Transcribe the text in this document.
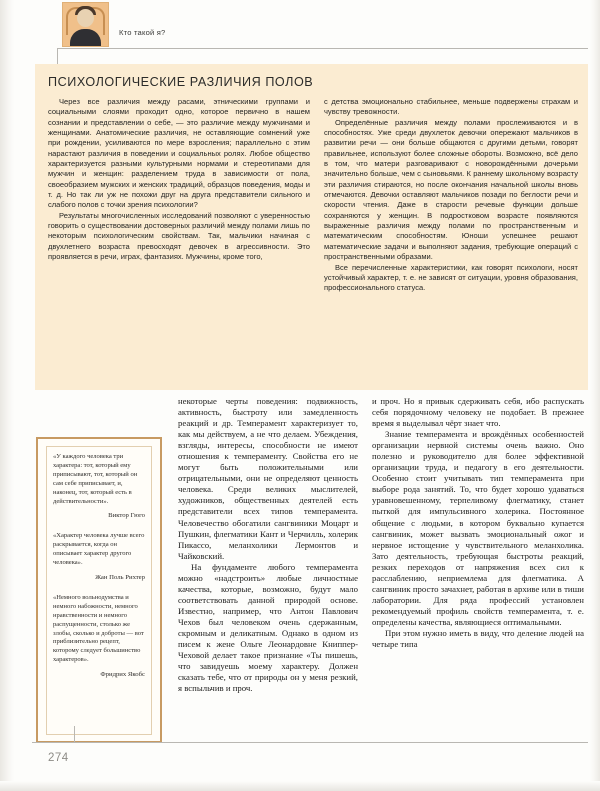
Кто такой я?
ПСИХОЛОГИЧЕСКИЕ РАЗЛИЧИЯ ПОЛОВ

Через все различия между расами, этническими группами и социальными слоями проходит одно, которое первично в нашем сознании и представлении о себе, — это различие между мужчинами и женщинами. Анатомические различия, не оставляющие сомнений уже при рождении, усиливаются по мере взросления; параллельно с этим нарастают различия в поведении и социальных ролях. Любое общество характеризуется разными культурными нормами и стереотипами для мужчин и женщин: разделением труда в зависимости от пола, своеобразием мужских и женских традиций, образцов поведения, моды и т. д. Но так ли уж не похожи друг на друга представители сильного и слабого полов с точки зрения психологии?

Результаты многочисленных исследований позволяют с уверенностью говорить о существовании достоверных различий между полами лишь по некоторым психологическим свойствам. Так, мальчики начиная с двухлетнего возраста превосходят девочек в агрессивности. Это проявляется в речи, играх, фантазиях. Мужчины, кроме того,

с детства эмоционально стабильнее, меньше подвержены страхам и чувству тревожности.

Определённые различия между полами прослеживаются и в способностях. Уже среди двухлеток девочки опережают мальчиков в развитии речи — они больше общаются с другими детьми, говорят правильнее, используют более сложные обороты. Возможно, всё дело в том, что матери разговаривают с новорождёнными дочерьми значительно больше, чем с сыновьями. К раннему школьному возрасту эти различия стираются, но после окончания начальной школы вновь отмечаются. Девочки оставляют мальчиков позади по беглости речи и скорости чтения. Даже в старости речевые функции дольше сохраняются у женщин. В подростковом возрасте появляются выраженные различия между полами по пространственным и математическим способностям. Юноши успешнее решают математические задачи и выполняют задания, требующие операций с пространственными образами.

Все перечисленные характеристики, как говорят психологи, носят устойчивый характер, т. е. не зависят от ситуации, уровня образования, профессионального статуса.

«У каждого человека три характера: тот, который ему приписывают, тот, который он сам себе приписывает, и, наконец, тот, который есть в действительности».

Виктор Гюго

«Характер человека лучше всего раскрывается, когда он описывает характер другого человека».

Жан Поль Рихтер

«Немного вольнодумства и немного набожности, немного нравственности и немного распущенности, столько же злобы, сколько и доброты — вот приблизительно рецепт, которому следует большинство характеров».

Фридрих Якобс

некоторые черты поведения: подвижность, активность, быстроту или замедленность реакций и др. Темперамент характеризует то, как мы действуем, а не что делаем. Убеждения, взгляды, интересы, способности не имеют отношения к темпераменту. Свойства его не могут быть положительными или отрицательными, они не определяют ценность человека. Среди великих мыслителей, художников, общественных деятелей есть представители всех типов темперамента. Человечество обогатили сангвиники Моцарт и Пушкин, флегматики Кант и Черчилль, холерик Пикассо, меланхолики Лермонтов и Чайковский.

На фундаменте любого темперамента можно «надстроить» любые личностные качества, которые, возможно, будут мало соответствовать данной природой основе. Известно, например, что Антон Павлович Чехов был человеком очень сдержанным, скромным и деликатным. Однако в одном из писем к жене Ольге Леонардовне Книппер-Чеховой делает такое признание «Ты пишешь, что завидуешь моему характеру. Должен сказать тебе, что от природы он у меня резкий, я вспыльчив и проч.

и проч. Но я привык сдерживать себя, ибо распускать себя порядочному человеку не подобает. В прежнее время я выделывал чёрт знает что.

Знание темперамента и врождённых особенностей организации нервной системы очень важно. Оно полезно и руководителю для более эффективной организации труда, и педагогу в его деятельности. Особенно стоит учитывать тип темперамента при выборе рода занятий. То, что будет хорошо удаваться уравновешенному, терпеливому флегматику, станет пыткой для импульсивного холерика. Постоянное общение с людьми, в котором буквально купается сангвиник, может вызвать эмоциональный ожог и нервное истощение у чувствительного меланхолика. Зато деятельность, требующая быстроты реакций, резких переходов от напряжения всех сил к расслаблению, неприемлема для флегматика. А сангвиник просто зачахнет, работая в архиве или в тиши лаборатории. Для ряда профессий установлен рекомендуемый профиль свойств темперамента, т. е. определены качества, являющиеся оптимальными.

При этом нужно иметь в виду, что деление людей на четыре типа

274
